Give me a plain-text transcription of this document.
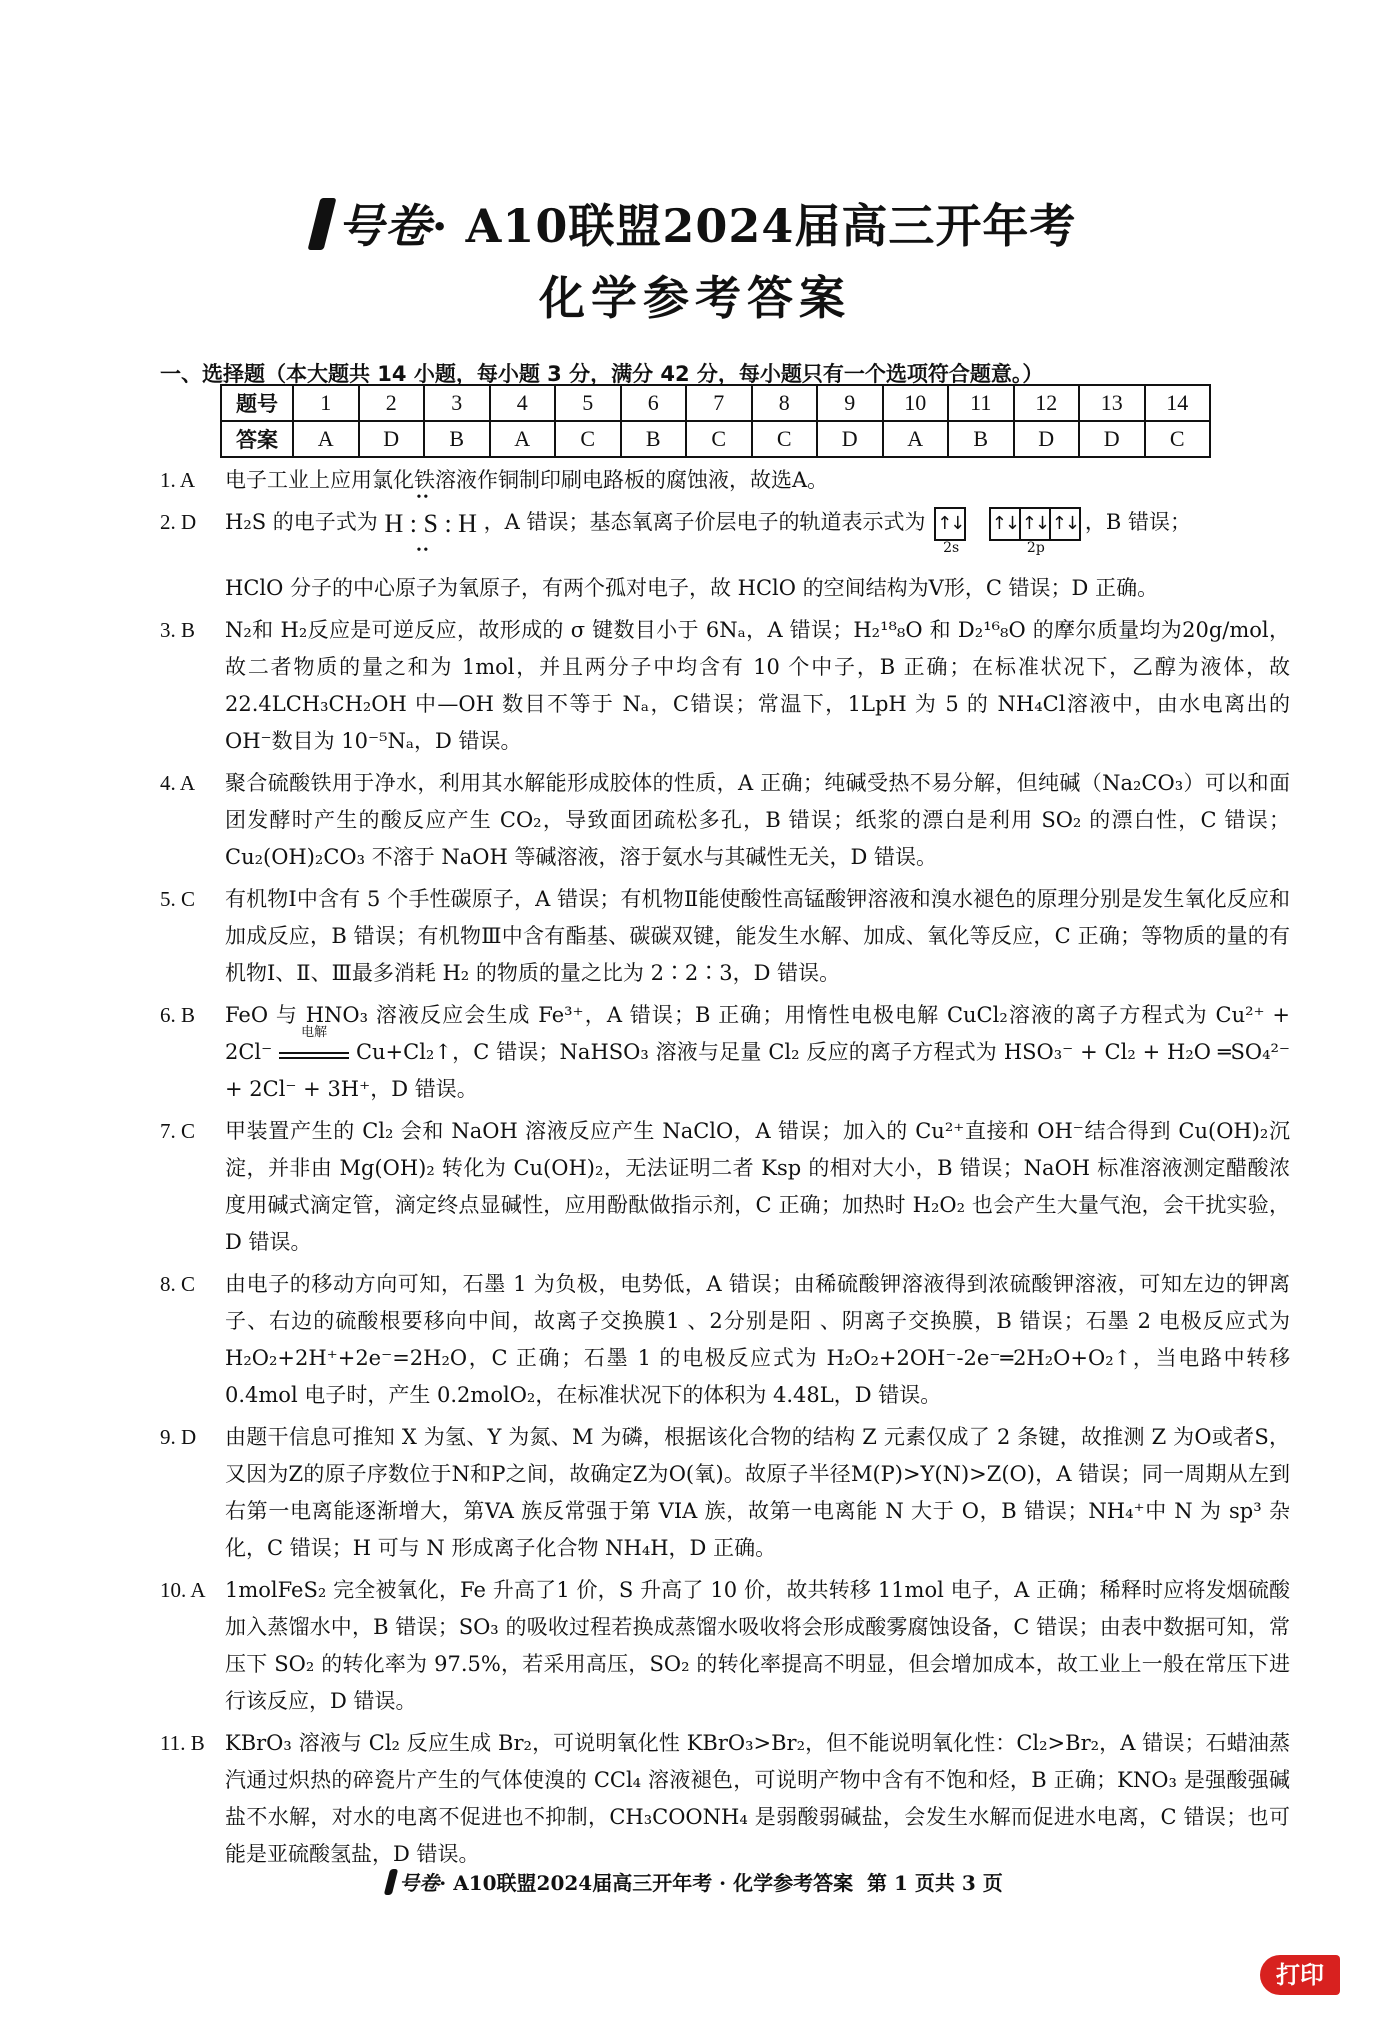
号卷· A10联盟2024届高三开年考
化学参考答案
一、选择题（本大题共 14 小题，每小题 3 分，满分 42 分，每小题只有一个选项符合题意。）
题号	1	2	3	4	5	6	7	8	9	10	11	12	13	14
答案	A	D	B	A	C	B	C	C	D	A	B	D	D	C
1. A	电子工业上应用氯化铁溶液作铜制印刷电路板的腐蚀液，故选A。

2. D	H₂S 的电子式为
••
H : S : H
••
，A 错误；基态氧离子价层电子的轨道表示式为 ↑↓
2s

↑↓ ↑↓ ↑↓
2p
，B 错误；

HClO 分子的中心原子为氧原子，有两个孤对电子，故 HClO 的空间结构为V形，C 错误；D 正确。

3. B	N₂和 H₂反应是可逆反应，故形成的 σ 键数目小于 6Nₐ，A 错误；H₂¹⁸₈O 和 D₂¹⁶₈O 的摩尔质量均为20g/mol，故二者物质的量之和为 1mol，并且两分子中均含有 10 个中子，B 正确；在标准状况下，乙醇为液体，故22.4LCH₃CH₂OH 中—OH 数目不等于 Nₐ，C错误；常温下，1LpH 为 5 的 NH₄Cl溶液中，由水电离出的 OH⁻数目为 10⁻⁵Nₐ，D 错误。

4. A	聚合硫酸铁用于净水，利用其水解能形成胶体的性质，A 正确；纯碱受热不易分解，但纯碱（Na₂CO₃）可以和面团发酵时产生的酸反应产生 CO₂，导致面团疏松多孔，B 错误；纸浆的漂白是利用 SO₂ 的漂白性，C 错误；Cu₂(OH)₂CO₃ 不溶于 NaOH 等碱溶液，溶于氨水与其碱性无关，D 错误。

5. C	有机物Ⅰ中含有 5 个手性碳原子，A 错误；有机物Ⅱ能使酸性高锰酸钾溶液和溴水褪色的原理分别是发生氧化反应和加成反应，B 错误；有机物Ⅲ中含有酯基、碳碳双键，能发生水解、加成、氧化等反应，C 正确；等物质的量的有机物Ⅰ、Ⅱ、Ⅲ最多消耗 H₂ 的物质的量之比为 2∶2∶3，D 错误。

6. B	FeO 与 HNO₃ 溶液反应会生成 Fe³⁺，A 错误；B 正确；用惰性电极电解 CuCl₂溶液的离子方程式为 Cu²⁺ + 2Cl⁻
电解
Cu+Cl₂↑，C 错误；NaHSO₃ 溶液与足量 Cl₂ 反应的离子方程式为 HSO₃⁻ + Cl₂ + H₂O ═SO₄²⁻ + 2Cl⁻ + 3H⁺，D 错误。

7. C	甲装置产生的 Cl₂ 会和 NaOH 溶液反应产生 NaClO，A 错误；加入的 Cu²⁺直接和 OH⁻结合得到 Cu(OH)₂沉淀，并非由 Mg(OH)₂ 转化为 Cu(OH)₂，无法证明二者 Ksp 的相对大小，B 错误；NaOH 标准溶液测定醋酸浓度用碱式滴定管，滴定终点显碱性，应用酚酞做指示剂，C 正确；加热时 H₂O₂ 也会产生大量气泡，会干扰实验，D 错误。

8. C	由电子的移动方向可知，石墨 1 为负极，电势低，A 错误；由稀硫酸钾溶液得到浓硫酸钾溶液，可知左边的钾离子、右边的硫酸根要移向中间，故离子交换膜1 、2分别是阳 、阴离子交换膜，B 错误；石墨 2 电极反应式为H₂O₂+2H⁺+2e⁻=2H₂O，C 正确；石墨 1 的电极反应式为 H₂O₂+2OH⁻-2e⁻═2H₂O+O₂↑，当电路中转移 0.4mol 电子时，产生 0.2molO₂，在标准状况下的体积为 4.48L，D 错误。

9. D	由题干信息可推知 X 为氢、Y 为氮、M 为磷，根据该化合物的结构 Z 元素仅成了 2 条键，故推测 Z 为O或者S，又因为Z的原子序数位于N和P之间，故确定Z为O(氧)。故原子半径M(P)>Y(N)>Z(O)，A 错误；同一周期从左到右第一电离能逐渐增大，第VA 族反常强于第 VIA 族，故第一电离能 N 大于 O，B 错误；NH₄⁺中 N 为 sp³ 杂化，C 错误；H 可与 N 形成离子化合物 NH₄H，D 正确。

10. A 1molFeS₂ 完全被氧化，Fe 升高了1 价，S 升高了 10 价，故共转移 11mol 电子，A 正确；稀释时应将发烟硫酸加入蒸馏水中，B 错误；SO₃ 的吸收过程若换成蒸馏水吸收将会形成酸雾腐蚀设备，C 错误；由表中数据可知，常压下 SO₂ 的转化率为 97.5%，若采用高压，SO₂ 的转化率提高不明显，但会增加成本，故工业上一般在常压下进行该反应，D 错误。

11. B KBrO₃ 溶液与 Cl₂ 反应生成 Br₂，可说明氧化性 KBrO₃>Br₂，但不能说明氧化性：Cl₂>Br₂，A 错误；石蜡油蒸汽通过炽热的碎瓷片产生的气体使溴的 CCl₄ 溶液褪色，可说明产物中含有不饱和烃，B 正确；KNO₃ 是强酸强碱盐不水解，对水的电离不促进也不抑制，CH₃COONH₄ 是弱酸弱碱盐，会发生水解而促进水电离，C 错误；也可能是亚硫酸氢盐，D 错误。

号卷· A10联盟2024届高三开年考 · 化学参考答案 第 1 页共 3 页
打印
